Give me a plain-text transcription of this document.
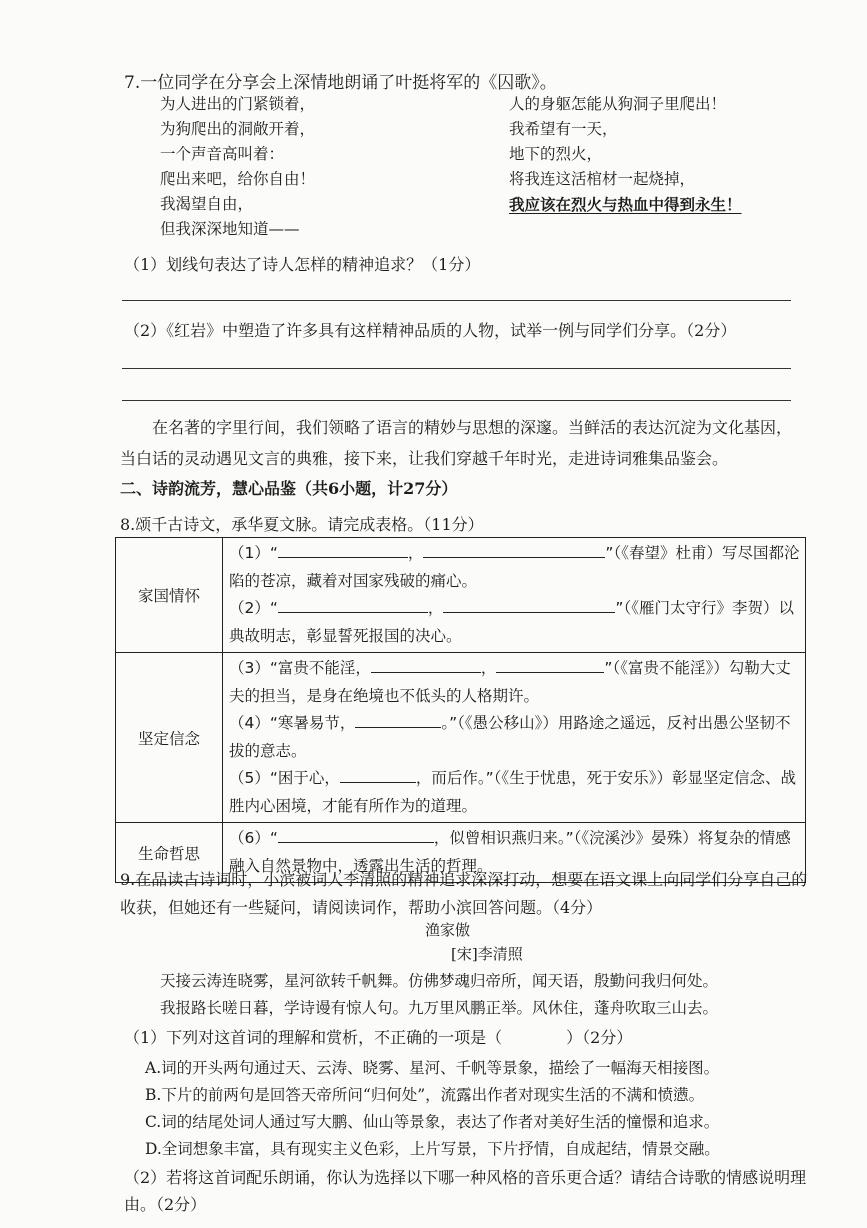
7.一位同学在分享会上深情地朗诵了叶挺将军的《囚歌》。
为人进出的门紧锁着，
为狗爬出的洞敞开着，
一个声音高叫着：
爬出来吧，给你自由！
我渴望自由，
但我深深地知道——
人的身躯怎能从狗洞子里爬出！
我希望有一天，
地下的烈火，
将我连这活棺材一起烧掉，
我应该在烈火与热血中得到永生！
（1）划线句表达了诗人怎样的精神追求？（1分）
（2）《红岩》中塑造了许多具有这样精神品质的人物，试举一例与同学们分享。（2分）
在名著的字里行间，我们领略了语言的精妙与思想的深邃。当鲜活的表达沉淀为文化基因，当白话的灵动遇见文言的典雅，接下来，让我们穿越千年时光，走进诗词雅集品鉴会。
二、诗韵流芳，慧心品鉴（共6小题，计27分）
8.颂千古诗文，承华夏文脉。请完成表格。（11分）
家国情怀	（1）“ ， ”（《春望》杜甫）写尽国都沦陷的苍凉，藏着对国家残破的痛心。
（2）“ ， ”（《雁门太守行》李贺）以典故明志，彰显誓死报国的决心。
坚定信念	（3）“富贵不能淫， ， ”（《富贵不能淫》）勾勒大丈夫的担当，是身在绝境也不低头的人格期许。
（4）“寒暑易节， 。”（《愚公移山》）用路途之遥远，反衬出愚公坚韧不拔的意志。
（5）“困于心， ，而后作。”（《生于忧患，死于安乐》）彰显坚定信念、战胜内心困境，才能有所作为的道理。
生命哲思	（6）“ ，似曾相识燕归来。”（《浣溪沙》晏殊）将复杂的情感融入自然景物中，透露出生活的哲理。
9.在品读古诗词时，小滨被词人李清照的精神追求深深打动，想要在语文课上向同学们分享自己的收获，但她还有一些疑问，请阅读词作，帮助小滨回答问题。（4分）
渔家傲
[宋]李清照
天接云涛连晓雾，星河欲转千帆舞。仿佛梦魂归帝所，闻天语，殷勤问我归何处。
我报路长嗟日暮，学诗谩有惊人句。九万里风鹏正举。风休住，蓬舟吹取三山去。
（1）下列对这首词的理解和赏析，不正确的一项是（　　　　）（2分）
A.词的开头两句通过天、云涛、晓雾、星河、千帆等景象，描绘了一幅海天相接图。
B.下片的前两句是回答天帝所问“归何处”，流露出作者对现实生活的不满和愤懑。
C.词的结尾处词人通过写大鹏、仙山等景象，表达了作者对美好生活的憧憬和追求。
D.全词想象丰富，具有现实主义色彩，上片写景，下片抒情，自成起结，情景交融。
（2）若将这首词配乐朗诵，你认为选择以下哪一种风格的音乐更合适？请结合诗歌的情感说明理由。（2分）
